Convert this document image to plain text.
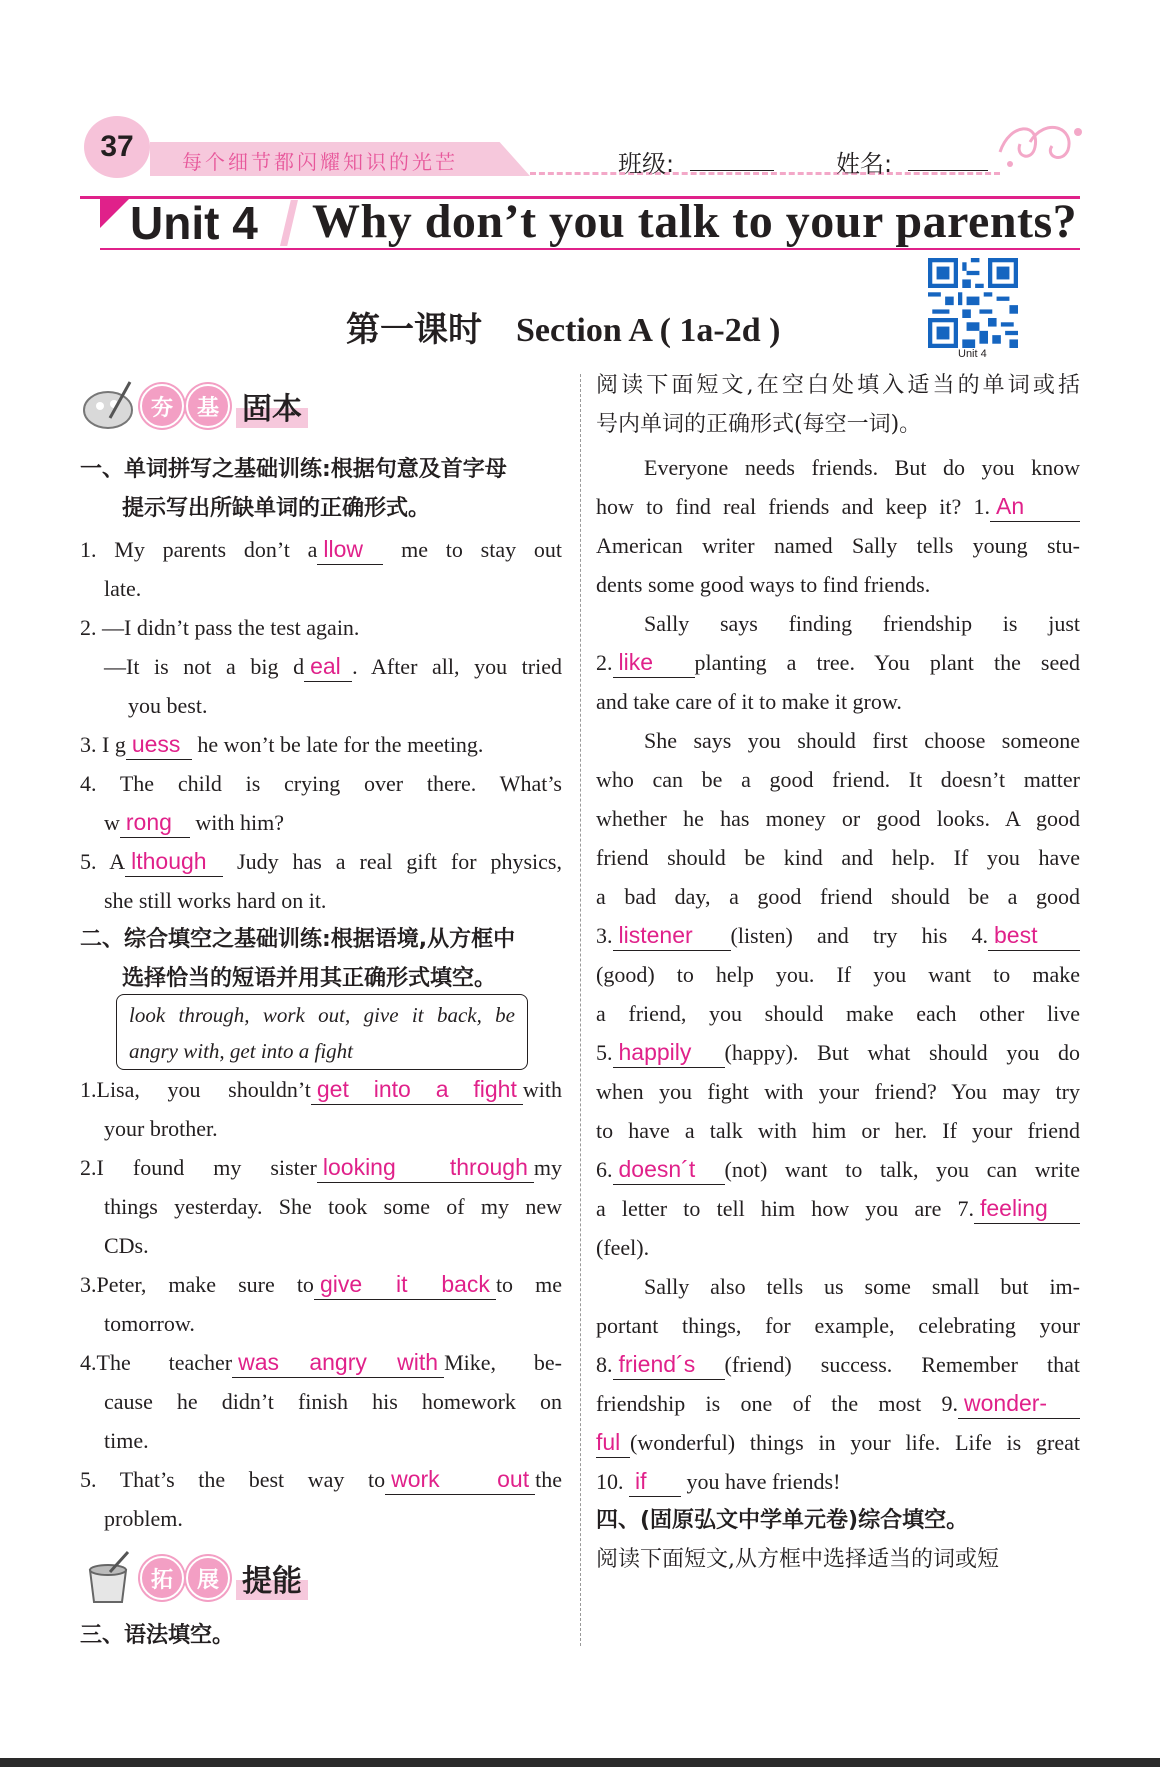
37 每个细节都闪耀知识的光芒	班级:	姓名:
Unit 4 Why don’t you talk to your parents?
第一课时　Section A ( 1a-2d )
Unit 4
夯	基 固本
一、单词拼写之基础训练:根据句意及首字母
提示写出所缺单词的正确形式。
1. My parents don’t a llow me to stay out
late.
2. —I didn’t pass the test again.
—It is not a big d eal . After all, you tried
you best.
3. I g uess he won’t be late for the meeting.
4. The child is crying over there. What’s
w rong with him?
5. A lthough Judy has a real gift for physics,
she still works hard on it.
二、综合填空之基础训练:根据语境,从方框中
选择恰当的短语并用其正确形式填空。
look through, work out, give it back, be
angry with, get into a fight
1.Lisa, you shouldn’t get into a fight with
your brother.
2.I found my sister looking through my
things yesterday. She took some of my new
CDs.
3.Peter, make sure to give it back to me
tomorrow.
4.The teacher was angry with Mike, be-
cause he didn’t finish his homework on
time.
5. That’s the best way to work out the
problem.
拓	展 提能
三、语法填空。
阅读下面短文,在空白处填入适当的单词或括
号内单词的正确形式(每空一词)。
Everyone needs friends. But do you know
how to find real friends and keep it? 1. An
American writer named Sally tells young stu-
dents some good ways to find friends.
Sally says finding friendship is just
2. like planting a tree. You plant the seed
and take care of it to make it grow.
She says you should first choose someone
who can be a good friend. It doesn’t matter
whether he has money or good looks. A good
friend should be kind and help. If you have
a bad day, a good friend should be a good
3. listener (listen) and try his 4. best
(good) to help you. If you want to make
a friend, you should make each other live
5. happily (happy). But what should you do
when you fight with your friend? You may try
to have a talk with him or her. If your friend
6. doesn´t (not) want to talk, you can write
a letter to tell him how you are 7. feeling
(feel).
Sally also tells us some small but im-
portant things, for example, celebrating your
8. friend´s (friend) success. Remember that
friendship is one of the most 9. wonder-
ful (wonderful) things in your life. Life is great
10. if you have friends!
四、(固原弘文中学单元卷)综合填空。
阅读下面短文,从方框中选择适当的词或短
